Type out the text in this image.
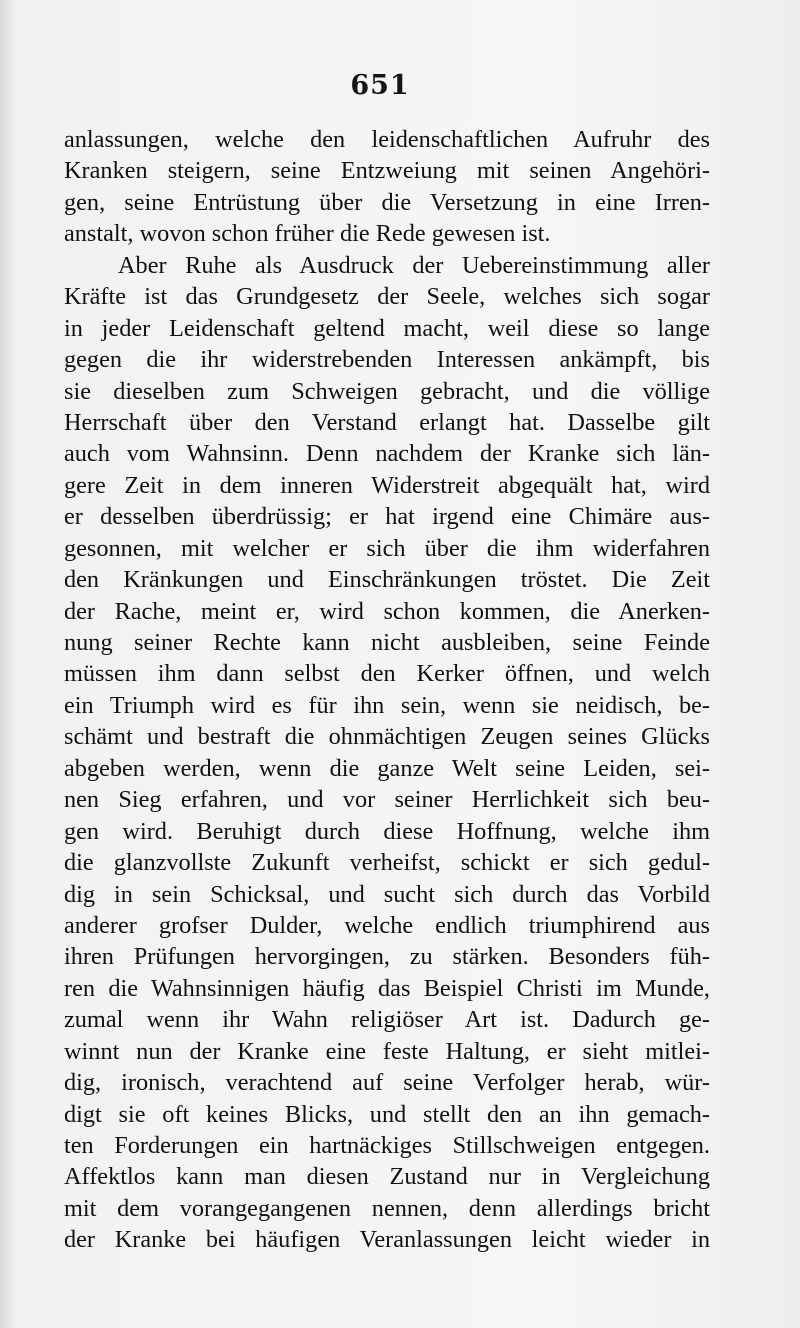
651
anlassungen, welche den leidenschaftlichen Aufruhr des
Kranken steigern, seine Entzweiung mit seinen Angehöri-
gen, seine Entrüstung über die Versetzung in eine Irren-
anstalt, wovon schon früher die Rede gewesen ist.
Aber Ruhe als Ausdruck der Uebereinstimmung aller
Kräfte ist das Grundgesetz der Seele, welches sich sogar
in jeder Leidenschaft geltend macht, weil diese so lange
gegen die ihr widerstrebenden Interessen ankämpft, bis
sie dieselben zum Schweigen gebracht, und die völlige
Herrschaft über den Verstand erlangt hat. Dasselbe gilt
auch vom Wahnsinn. Denn nachdem der Kranke sich län-
gere Zeit in dem inneren Widerstreit abgequält hat, wird
er desselben überdrüssig; er hat irgend eine Chimäre aus-
gesonnen, mit welcher er sich über die ihm widerfahren
den Kränkungen und Einschränkungen tröstet. Die Zeit
der Rache, meint er, wird schon kommen, die Anerken-
nung seiner Rechte kann nicht ausbleiben, seine Feinde
müssen ihm dann selbst den Kerker öffnen, und welch
ein Triumph wird es für ihn sein, wenn sie neidisch, be-
schämt und bestraft die ohnmächtigen Zeugen seines Glücks
abgeben werden, wenn die ganze Welt seine Leiden, sei-
nen Sieg erfahren, und vor seiner Herrlichkeit sich beu-
gen wird. Beruhigt durch diese Hoffnung, welche ihm
die glanzvollste Zukunft verheifst, schickt er sich gedul-
dig in sein Schicksal, und sucht sich durch das Vorbild
anderer grofser Dulder, welche endlich triumphirend aus
ihren Prüfungen hervorgingen, zu stärken. Besonders füh-
ren die Wahnsinnigen häufig das Beispiel Christi im Munde,
zumal wenn ihr Wahn religiöser Art ist. Dadurch ge-
winnt nun der Kranke eine feste Haltung, er sieht mitlei-
dig, ironisch, verachtend auf seine Verfolger herab, wür-
digt sie oft keines Blicks, und stellt den an ihn gemach-
ten Forderungen ein hartnäckiges Stillschweigen entgegen.
Affektlos kann man diesen Zustand nur in Vergleichung
mit dem vorangegangenen nennen, denn allerdings bricht
der Kranke bei häufigen Veranlassungen leicht wieder in
